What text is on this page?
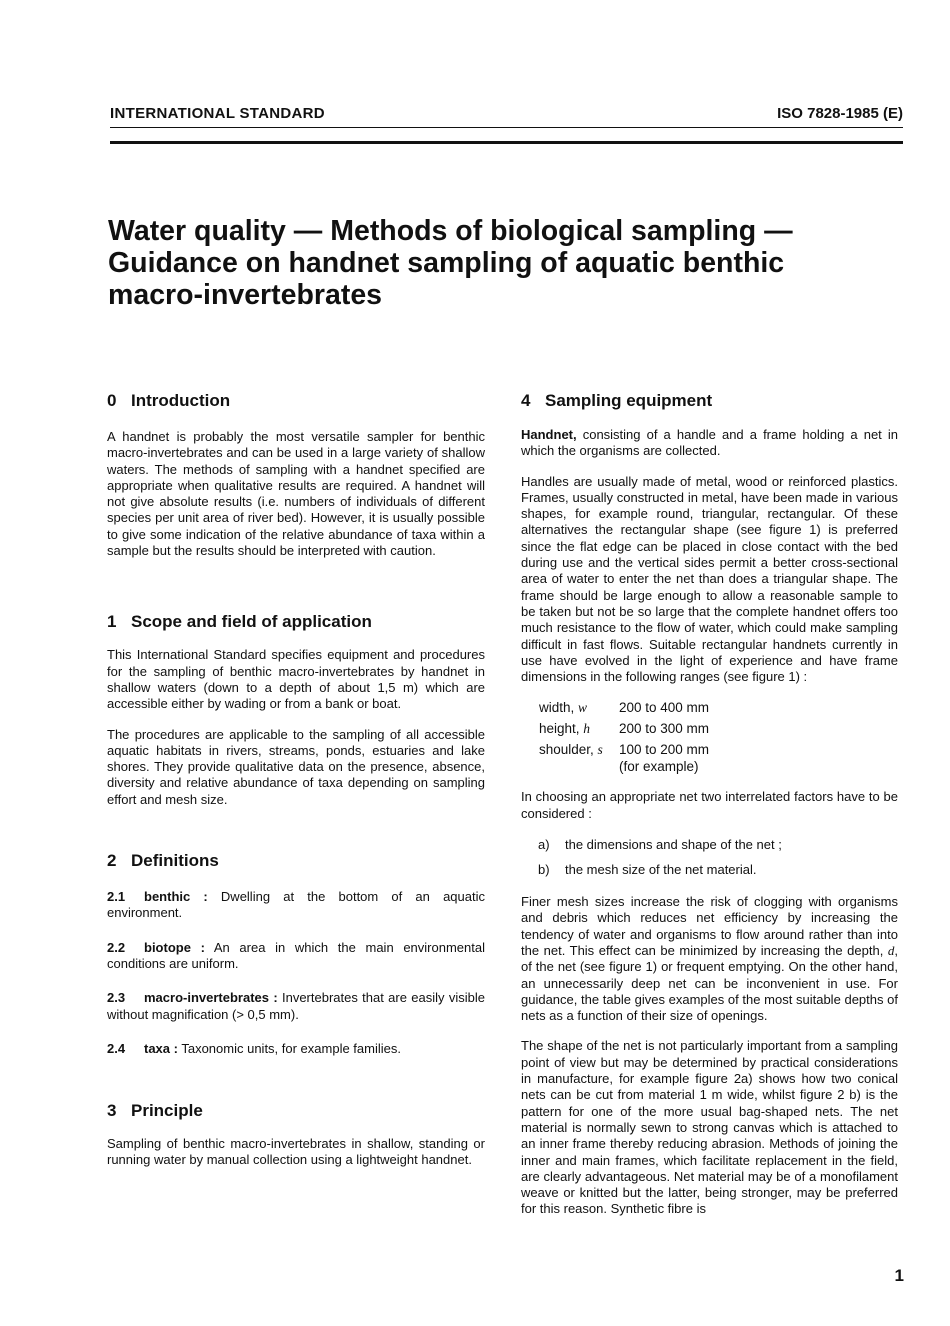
INTERNATIONAL STANDARD	ISO 7828-1985 (E)
Water quality — Methods of biological sampling —
Guidance on handnet sampling of aquatic benthic
macro-invertebrates
0 Introduction

A handnet is probably the most versatile sampler for benthic macro-invertebrates and can be used in a large variety of shallow waters. The methods of sampling with a handnet specified are appropriate when qualitative results are required. A handnet will not give absolute results (i.e. numbers of individuals of different species per unit area of river bed). However, it is usually possible to give some indication of the relative abundance of taxa within a sample but the results should be interpreted with caution.

1 Scope and field of application

This International Standard specifies equipment and procedures for the sampling of benthic macro-invertebrates by handnet in shallow waters (down to a depth of about 1,5 m) which are accessible either by wading or from a bank or boat.

The procedures are applicable to the sampling of all accessible aquatic habitats in rivers, streams, ponds, estuaries and lake shores. They provide qualitative data on the presence, absence, diversity and relative abundance of taxa depending on sampling effort and mesh size.

2 Definitions

2.1 benthic : Dwelling at the bottom of an aquatic environment.

2.2 biotope : An area in which the main environmental conditions are uniform.

2.3 macro-invertebrates : Invertebrates that are easily visible without magnification (> 0,5 mm).

2.4 taxa : Taxonomic units, for example families.

3 Principle

Sampling of benthic macro-invertebrates in shallow, standing or running water by manual collection using a lightweight handnet.

4 Sampling equipment

Handnet, consisting of a handle and a frame holding a net in which the organisms are collected.

Handles are usually made of metal, wood or reinforced plastics. Frames, usually constructed in metal, have been made in various shapes, for example round, triangular, rectangular. Of these alternatives the rectangular shape (see figure 1) is preferred since the flat edge can be placed in close contact with the bed during use and the vertical sides permit a better cross-sectional area of water to enter the net than does a triangular shape. The frame should be large enough to allow a reasonable sample to be taken but not be so large that the complete handnet offers too much resistance to the flow of water, which could make sampling difficult in fast flows. Suitable rectangular handnets currently in use have evolved in the light of experience and have frame dimensions in the following ranges (see figure 1) :

width, w	200 to 400 mm
height, h	200 to 300 mm
shoulder, s	100 to 200 mm
(for example)

In choosing an appropriate net two interrelated factors have to be considered :

a) the dimensions and shape of the net ;
b) the mesh size of the net material.

Finer mesh sizes increase the risk of clogging with organisms and debris which reduces net efficiency by increasing the tendency of water and organisms to flow around rather than into the net. This effect can be minimized by increasing the depth, d, of the net (see figure 1) or frequent emptying. On the other hand, an unnecessarily deep net can be inconvenient in use. For guidance, the table gives examples of the most suitable depths of nets as a function of their size of openings.

The shape of the net is not particularly important from a sampling point of view but may be determined by practical considerations in manufacture, for example figure 2a) shows how two conical nets can be cut from material 1 m wide, whilst figure 2 b) is the pattern for one of the more usual bag-shaped nets. The net material is normally sewn to strong canvas which is attached to an inner frame thereby reducing abrasion. Methods of joining the inner and main frames, which facilitate replacement in the field, are clearly advantageous. Net material may be of a monofilament weave or knitted but the latter, being stronger, may be preferred for this reason. Synthetic fibre is

1
